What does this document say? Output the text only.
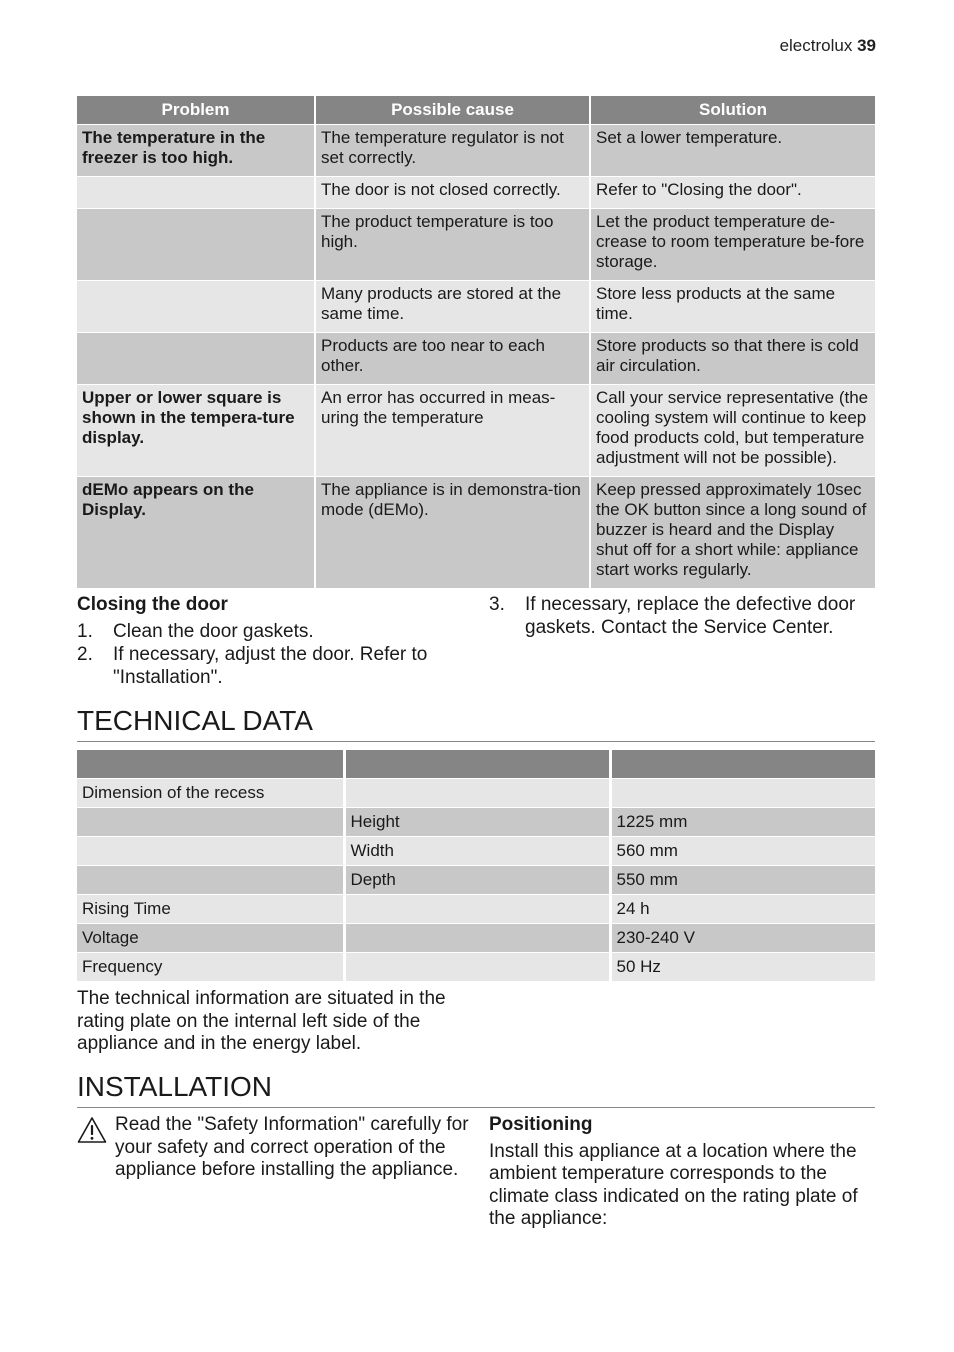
electrolux 39
Problem	Possible cause	Solution
The temperature in the freezer is too high.	The temperature regulator is not set correctly.	Set a lower temperature.
	The door is not closed correctly.	Refer to "Closing the door".
	The product temperature is too high.	Let the product temperature de-crease to room temperature be-fore storage.
	Many products are stored at the same time.	Store less products at the same time.
	Products are too near to each other.	Store products so that there is cold air circulation.
Upper or lower square is shown in the tempera-ture display.	An error has occurred in meas-uring the temperature	Call your service representative (the cooling system will continue to keep food products cold, but temperature adjustment will not be possible).
dEMo appears on the Display.	The appliance is in demonstra-tion mode (dEMo).	Keep pressed approximately 10sec the OK button since a long sound of buzzer is heard and the Display shut off for a short while: appliance start works regularly.
Closing the door
1.	Clean the door gaskets.
2.	If necessary, adjust the door. Refer to "Installation".
3.	If necessary, replace the defective door gaskets. Contact the Service Center.
TECHNICAL DATA

Dimension of the recess		
	Height	1225 mm
	Width	560 mm
	Depth	550 mm
Rising Time		24 h
Voltage		230-240 V
Frequency		50 Hz

The technical information are situated in the rating plate on the internal left side of the appliance and in the energy label.

INSTALLATION

Read the "Safety Information" carefully for your safety and correct operation of the appliance before installing the appliance.

Positioning

Install this appliance at a location where the ambient temperature corresponds to the climate class indicated on the rating plate of the appliance:
